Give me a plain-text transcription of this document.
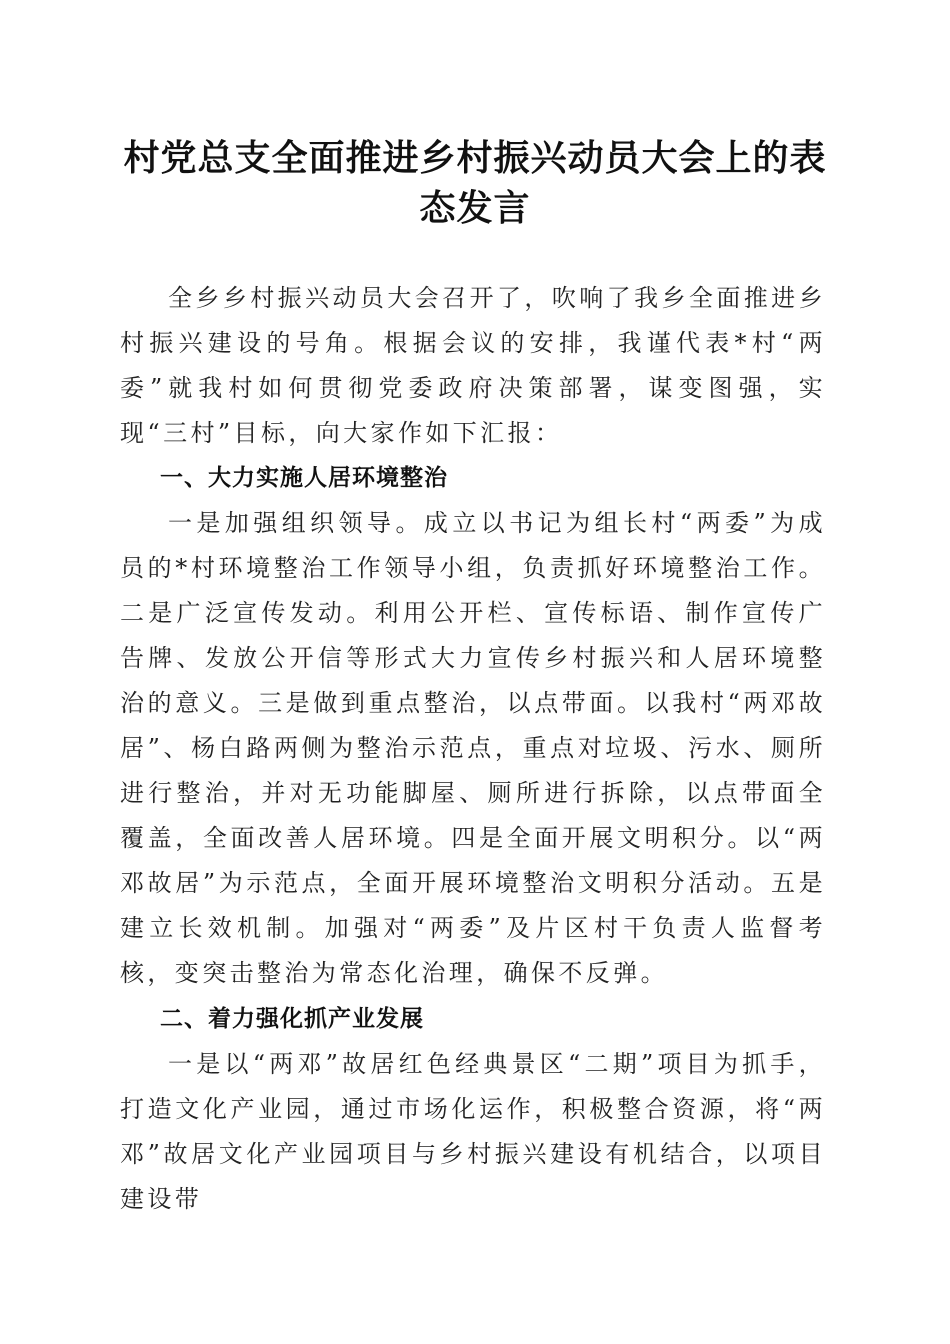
村党总支全面推进乡村振兴动员大会上的表态发言

全乡乡村振兴动员大会召开了，吹响了我乡全面推进乡村振兴建设的号角。根据会议的安排，我谨代表*村“两委”就我村如何贯彻党委政府决策部署，谋变图强，实现“三村”目标，向大家作如下汇报：

一、大力实施人居环境整治

一是加强组织领导。成立以书记为组长村“两委”为成员的*村环境整治工作领导小组，负责抓好环境整治工作。二是广泛宣传发动。利用公开栏、宣传标语、制作宣传广告牌、发放公开信等形式大力宣传乡村振兴和人居环境整治的意义。三是做到重点整治，以点带面。以我村“两邓故居”、杨白路两侧为整治示范点，重点对垃圾、污水、厕所进行整治，并对无功能脚屋、厕所进行拆除，以点带面全覆盖，全面改善人居环境。四是全面开展文明积分。以“两邓故居”为示范点，全面开展环境整治文明积分活动。五是建立长效机制。加强对“两委”及片区村干负责人监督考核，变突击整治为常态化治理，确保不反弹。

二、着力强化抓产业发展

一是以“两邓”故居红色经典景区“二期”项目为抓手，打造文化产业园，通过市场化运作，积极整合资源，将“两邓”故居文化产业园项目与乡村振兴建设有机结合，以项目建设带
